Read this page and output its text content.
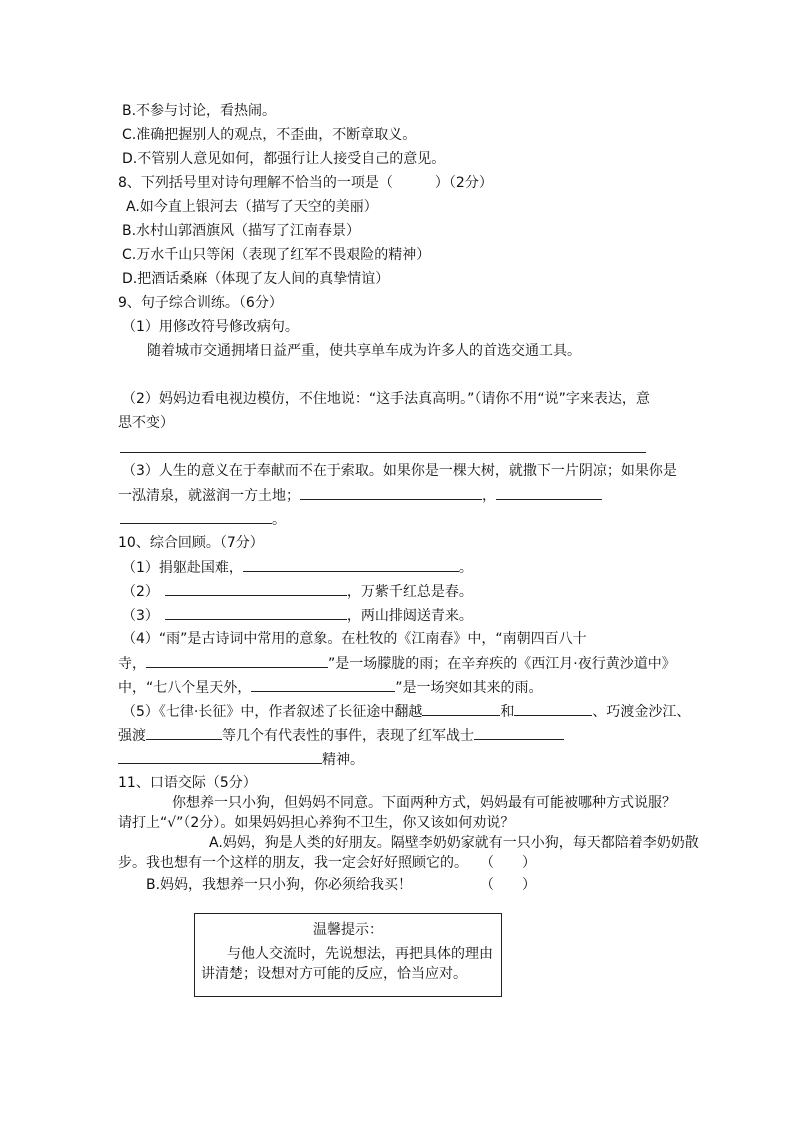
B.不参与讨论，看热闹。
C.准确把握别人的观点，不歪曲，不断章取义。
D.不管别人意见如何，都强行让人接受自己的意见。
8、下列括号里对诗句理解不恰当的一项是（　　　）（2分）
A.如今直上银河去（描写了天空的美丽）
B.水村山郭酒旗风（描写了江南春景）
C.万水千山只等闲（表现了红军不畏艰险的精神）
D.把酒话桑麻（体现了友人间的真挚情谊）
9、句子综合训练。（6分）
（1）用修改符号修改病句。
随着城市交通拥堵日益严重，使共享单车成为许多人的首选交通工具。
（2）妈妈边看电视边模仿，不住地说：“这手法真高明。”（请你不用“说”字来表达，意
思不变）
（3）人生的意义在于奉献而不在于索取。如果你是一棵大树，就撒下一片阴凉；如果你是
一泓清泉，就滋润一方土地；	，
。
10、综合回顾。（7分）
（1）捐躯赴国难，	。
（2）	，万紫千红总是春。
（3）	，两山排闼送青来。
（4）“雨”是古诗词中常用的意象。在杜牧的《江南春》中，“南朝四百八十
寺，	”是一场朦胧的雨；在辛弃疾的《西江月·夜行黄沙道中》
中，“七八个星天外，	”是一场突如其来的雨。
（5）《七律·长征》中，作者叙述了长征途中翻越	和	、巧渡金沙江、
强渡	等几个有代表性的事件，表现了红军战士
精神。
11、口语交际（5分）
你想养一只小狗，但妈妈不同意。下面两种方式，妈妈最有可能被哪种方式说服？
请打上“√”（2分）。如果妈妈担心养狗不卫生，你又该如何劝说？
A.妈妈，狗是人类的好朋友。隔壁李奶奶家就有一只小狗，每天都陪着李奶奶散
步。我也想有一个这样的朋友，我一定会好好照顾它的。 （　　）
B.妈妈，我想养一只小狗，你必须给我买！	（　　）
温馨提示：
与他人交流时，先说想法，再把具体的理由
讲清楚；设想对方可能的反应，恰当应对。
